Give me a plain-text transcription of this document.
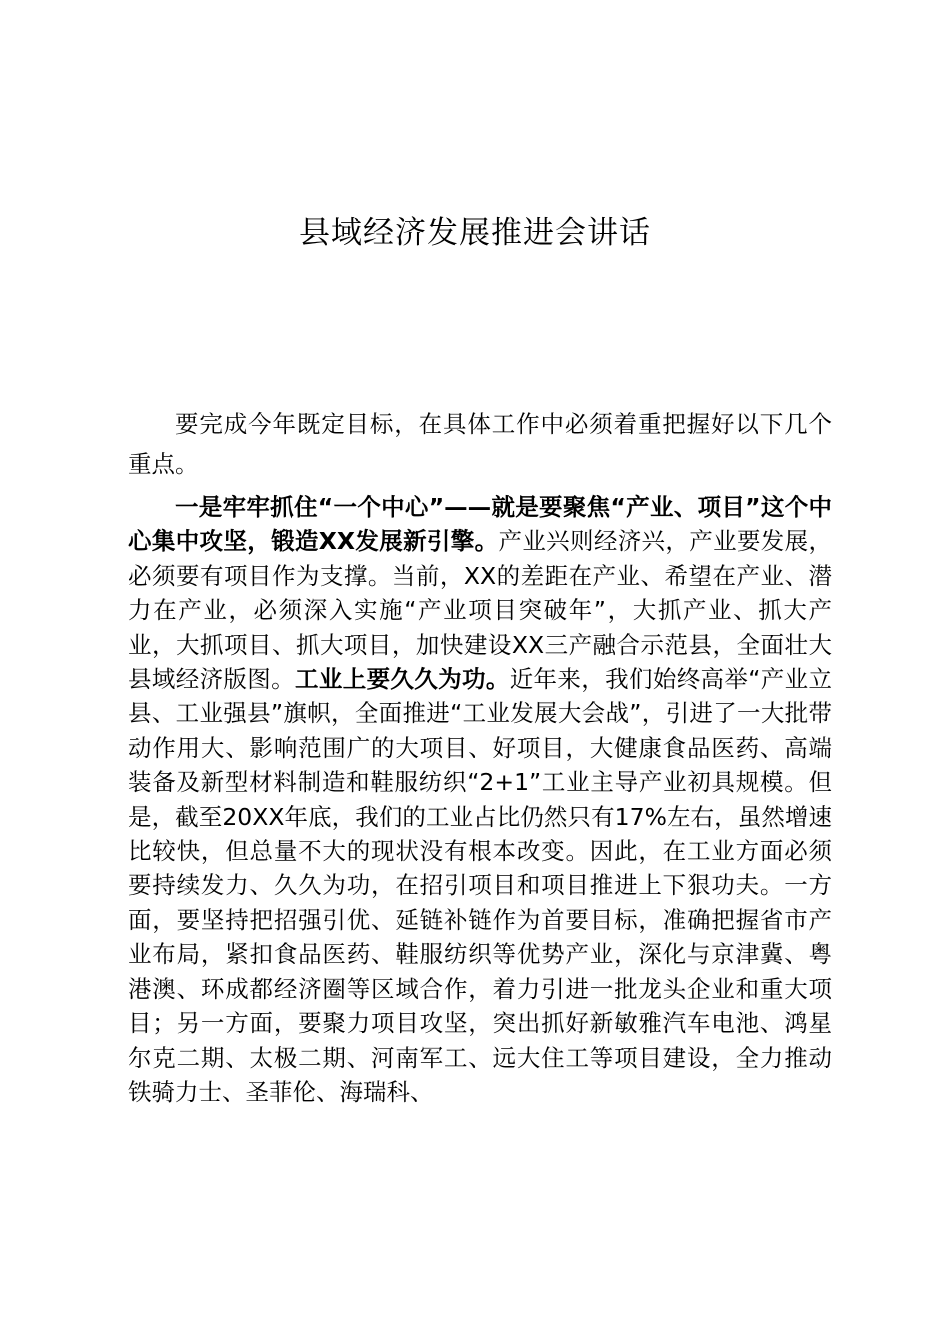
县域经济发展推进会讲话

要完成今年既定目标，在具体工作中必须着重把握好以下几个重点。

一是牢牢抓住“一个中心”——就是要聚焦“产业、项目”这个中心集中攻坚，锻造XX发展新引擎。产业兴则经济兴，产业要发展，必须要有项目作为支撑。当前，XX的差距在产业、希望在产业、潜力在产业，必须深入实施“产业项目突破年”，大抓产业、抓大产业，大抓项目、抓大项目，加快建设XX三产融合示范县，全面壮大县域经济版图。工业上要久久为功。近年来，我们始终高举“产业立县、工业强县”旗帜，全面推进“工业发展大会战”，引进了一大批带动作用大、影响范围广的大项目、好项目，大健康食品医药、高端装备及新型材料制造和鞋服纺织“2+1”工业主导产业初具规模。但是，截至20XX年底，我们的工业占比仍然只有17%左右，虽然增速比较快，但总量不大的现状没有根本改变。因此，在工业方面必须要持续发力、久久为功，在招引项目和项目推进上下狠功夫。一方面，要坚持把招强引优、延链补链作为首要目标，准确把握省市产业布局，紧扣食品医药、鞋服纺织等优势产业，深化与京津冀、粤港澳、环成都经济圈等区域合作，着力引进一批龙头企业和重大项目；另一方面，要聚力项目攻坚，突出抓好新敏雅汽车电池、鸿星尔克二期、太极二期、河南军工、远大住工等项目建设，全力推动铁骑力士、圣菲伦、海瑞科、
